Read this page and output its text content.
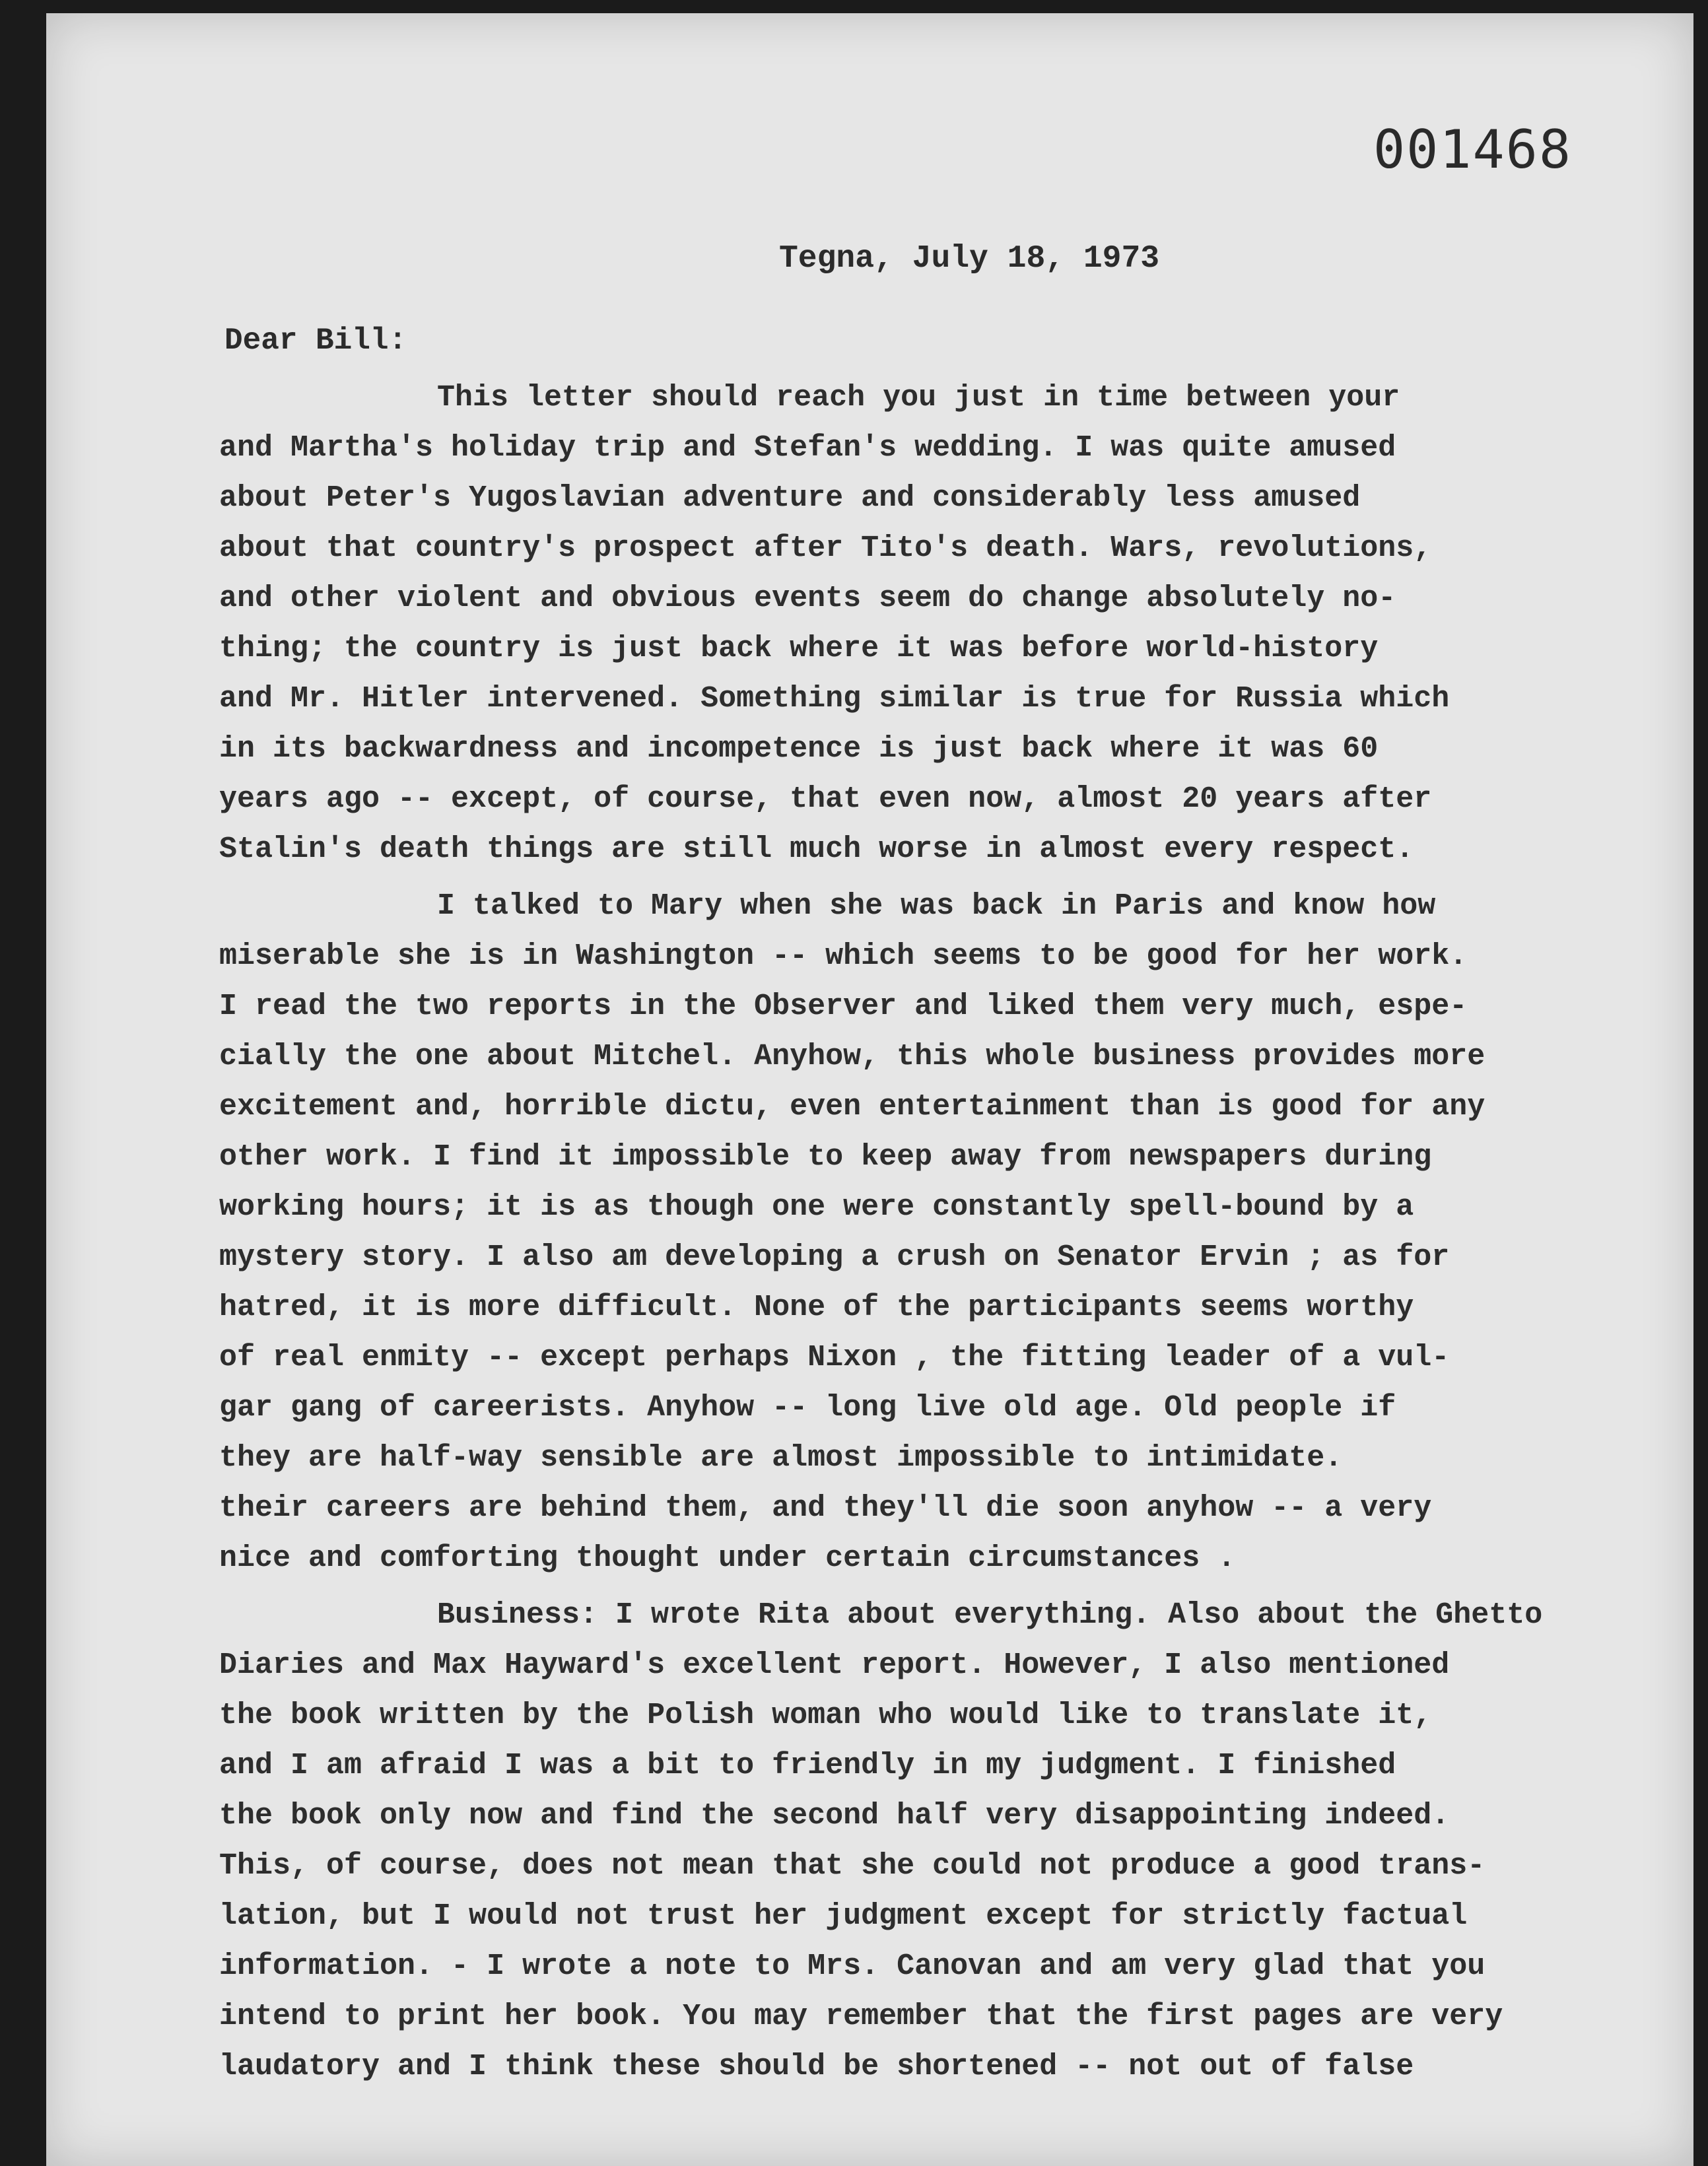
001468
Tegna, July 18, 1973
Dear Bill:
This letter should reach you just in time between your
and Martha's holiday trip and Stefan's wedding. I was quite amused
about Peter's Yugoslavian adventure and considerably less amused
about that country's prospect after Tito's death. Wars, revolutions,
and other violent and obvious events seem do change absolutely no-
thing; the country is just back where it was before world-history
and Mr. Hitler intervened. Something similar is true for Russia which
in its backwardness and incompetence is just back where it was 60
years ago -- except, of course, that even now, almost 20 years after
Stalin's death things are still much worse in almost every respect.
I talked to Mary when she was back in Paris and know how
miserable she is in Washington -- which seems to be good for her work.
I read the two reports in the Observer and liked them very much, espe-
cially the one about Mitchel. Anyhow, this whole business provides more
excitement and, horrible dictu, even entertainment than is good for any
other work. I find it impossible to keep away from newspapers during
working hours; it is as though one were constantly spell-bound by a
mystery story. I also am developing a crush on Senator Ervin ; as for
hatred, it is more difficult. None of the participants seems worthy
of real enmity -- except perhaps Nixon , the fitting leader of a vul-
gar gang of careerists. Anyhow -- long live old age. Old people if
they are half-way sensible are almost impossible to intimidate.
their careers are behind them, and they'll die soon anyhow -- a very
nice and comforting thought under certain circumstances .
Business: I wrote Rita about everything. Also about the Ghetto
Diaries and Max Hayward's excellent report. However, I also mentioned
the book written by the Polish woman who would like to translate it,
and I am afraid I was a bit to friendly in my judgment. I finished
the book only now and find the second half very disappointing indeed.
This, of course, does not mean that she could not produce a good trans-
lation, but I would not trust her judgment except for strictly factual
information. - I wrote a note to Mrs. Canovan and am very glad that you
intend to print her book. You may remember that the first pages are very
laudatory and I think these should be shortened -- not out of false
